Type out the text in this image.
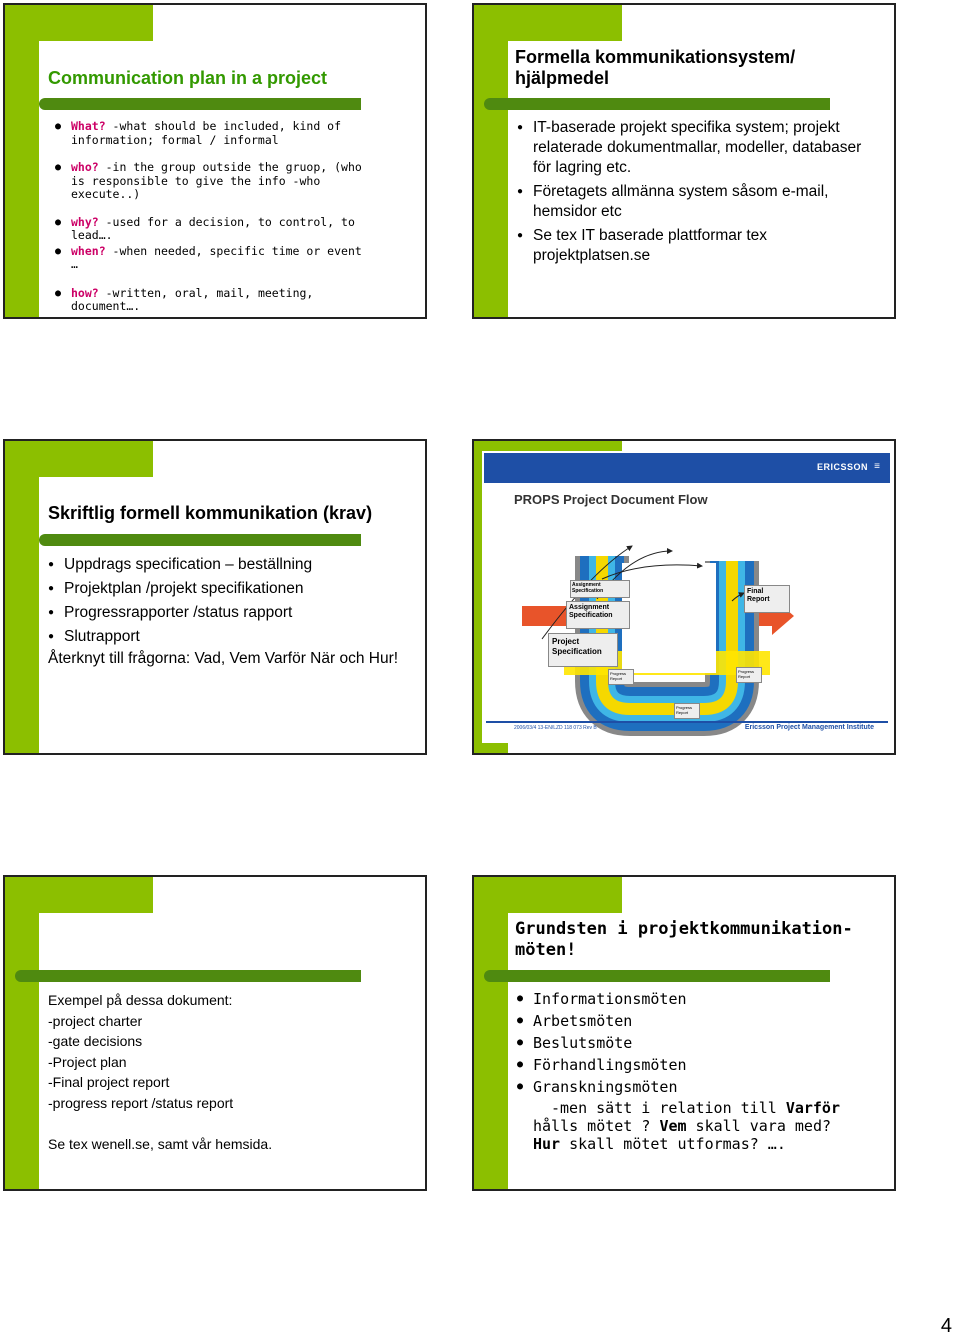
Communication plan in a project
● What? -what should be included, kind of information; formal / informal
● who? -in the group outside the gruop, (who is responsible to give the info -who execute..)
● why? -used for a decision, to control, to lead….
● when? -when needed, specific time or event …
● how? -written, oral, mail, meeting, document….
Formella kommunikationsystem/ hjälpmedel
● IT-baserade projekt specifika system; projekt relaterade dokumentmallar, modeller, databaser för lagring etc.
● Företagets allmänna system såsom e-mail, hemsidor etc
● Se tex IT baserade plattformar tex projektplatsen.se
Skriftlig formell kommunikation (krav)
● Uppdrags specification – beställning
● Projektplan /projekt specifikationen
● Progressrapporter /status rapport
● Slutrapport
Återknyt till frågorna: Vad, Vem Varför När och Hur!
ERICSSON ≡
PROPS Project Document Flow
Assignment Specification
Assignment Specification
Project Specification
Final Report
Progress Report
Progress Report
Progress Report
2006/03/4 13-EN/LZD 118 073 Rev B	Ericsson Project Management Institute
Exempel på dessa dokument:
-project charter
-gate decisions
-Project plan
-Final project report
-progress report /status report
Se tex wenell.se, samt vår hemsida.
Grundsten i projektkommunikation-möten!
● Informationsmöten
● Arbetsmöten
● Beslutsmöte
● Förhandlingsmöten
● Granskningsmöten
-men sätt i relation till Varför hålls mötet ? Vem skall vara med? Hur skall mötet utformas? ….
4
